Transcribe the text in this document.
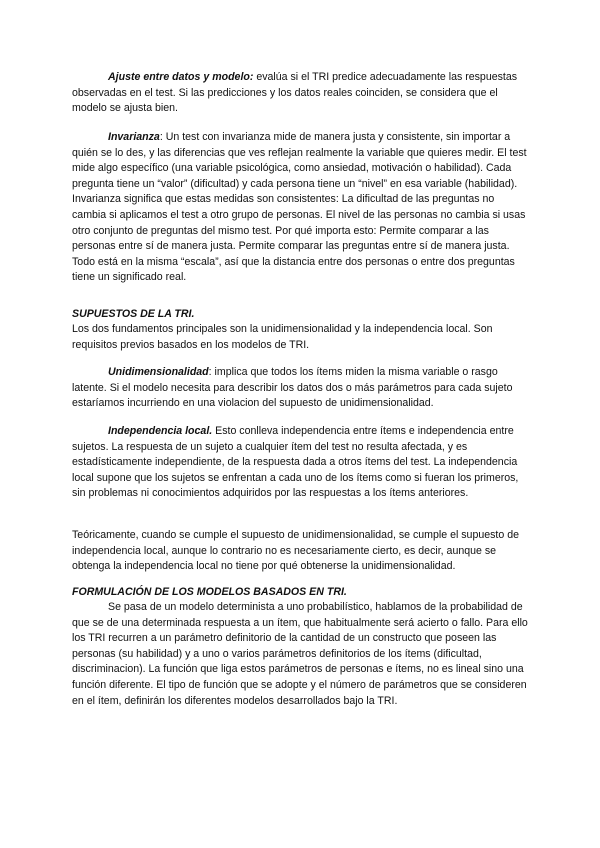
Ajuste entre datos y modelo: evalúa si el TRI predice adecuadamente las respuestas observadas en el test. Si las predicciones y los datos reales coinciden, se considera que el modelo se ajusta bien.

Invarianza: Un test con invarianza mide de manera justa y consistente, sin importar a quién se lo des, y las diferencias que ves reflejan realmente la variable que quieres medir. El test mide algo específico (una variable psicológica, como ansiedad, motivación o habilidad). Cada pregunta tiene un “valor” (dificultad) y cada persona tiene un “nivel” en esa variable (habilidad). Invarianza significa que estas medidas son consistentes: La dificultad de las preguntas no cambia si aplicamos el test a otro grupo de personas. El nivel de las personas no cambia si usas otro conjunto de preguntas del mismo test. Por qué importa esto: Permite comparar a las personas entre sí de manera justa. Permite comparar las preguntas entre sí de manera justa. Todo está en la misma “escala”, así que la distancia entre dos personas o entre dos preguntas tiene un significado real.

SUPUESTOS DE LA TRI.

Los dos fundamentos principales son la unidimensionalidad y la independencia local. Son requisitos previos basados en los modelos de TRI.

Unidimensionalidad: implica que todos los ítems miden la misma variable o rasgo latente. Si el modelo necesita para describir los datos dos o más parámetros para cada sujeto estaríamos incurriendo en una violacion del supuesto de unidimensionalidad.

Independencia local. Esto conlleva independencia entre ítems e independencia entre sujetos. La respuesta de un sujeto a cualquier ítem del test no resulta afectada, y es estadísticamente independiente, de la respuesta dada a otros ítems del test. La independencia local supone que los sujetos se enfrentan a cada uno de los ítems como si fueran los primeros, sin problemas ni conocimientos adquiridos por las respuestas a los ítems anteriores.

Teóricamente, cuando se cumple el supuesto de unidimensionalidad, se cumple el supuesto de independencia local, aunque lo contrario no es necesariamente cierto, es decir, aunque se obtenga la independencia local no tiene por qué obtenerse la unidimensionalidad.

FORMULACIÓN DE LOS MODELOS BASADOS EN TRI.

Se pasa de un modelo determinista a uno probabilístico, hablamos de la probabilidad de que se de una determinada respuesta a un ítem, que habitualmente será acierto o fallo. Para ello los TRI recurren a un parámetro definitorio de la cantidad de un constructo que poseen las personas (su habilidad) y a uno o varios parámetros definitorios de los ítems (dificultad, discriminacion). La función que liga estos parámetros de personas e ítems, no es lineal sino una función diferente. El tipo de función que se adopte y el número de parámetros que se consideren en el ítem, definirán los diferentes modelos desarrollados bajo la TRI.
